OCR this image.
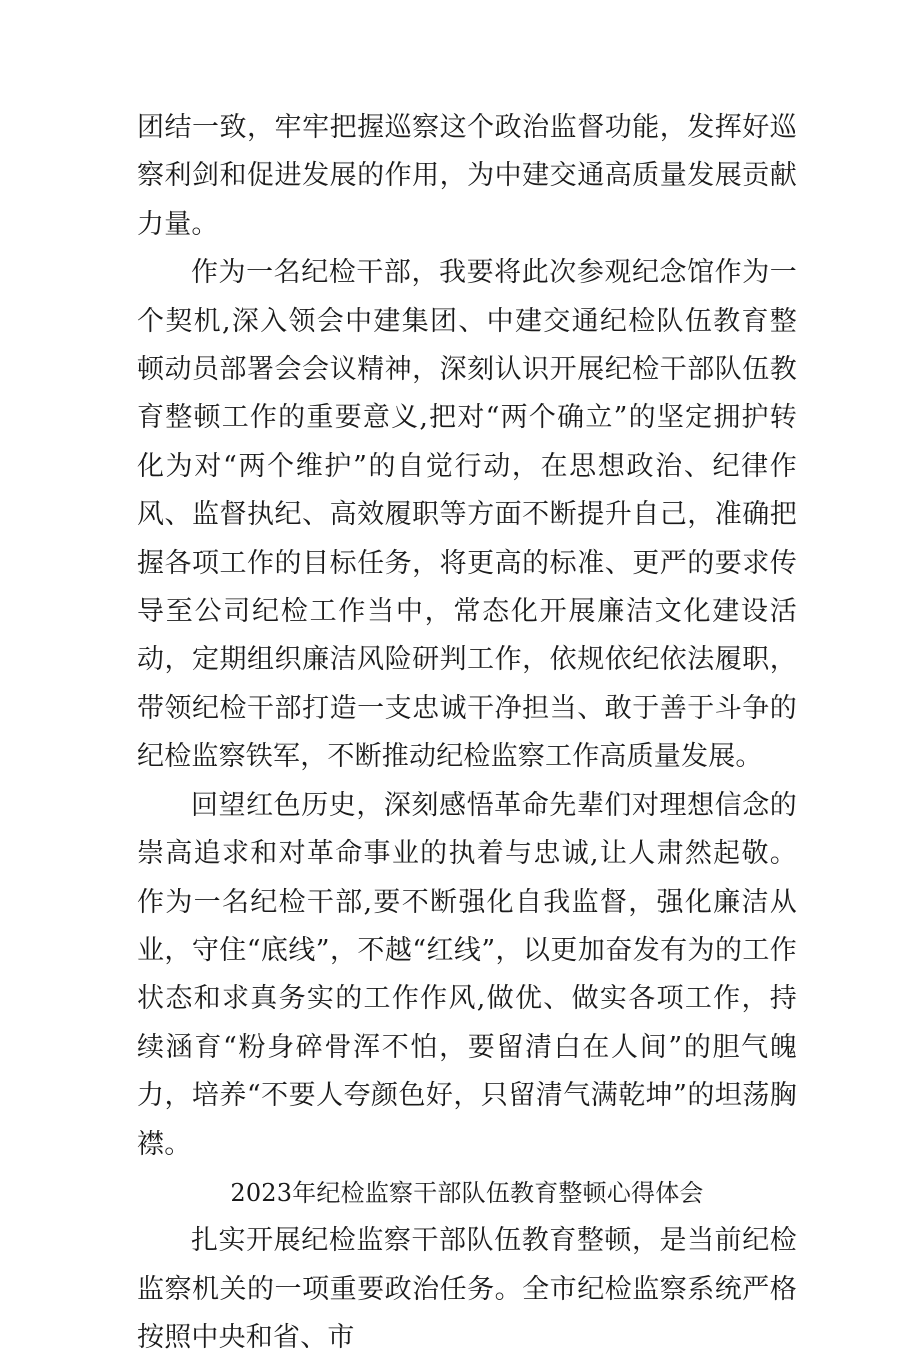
团结一致，牢牢把握巡察这个政治监督功能，发挥好巡察利剑和促进发展的作用，为中建交通高质量发展贡献力量。

作为一名纪检干部，我要将此次参观纪念馆作为一个契机,深入领会中建集团、中建交通纪检队伍教育整顿动员部署会会议精神，深刻认识开展纪检干部队伍教育整顿工作的重要意义,把对“两个确立”的坚定拥护转化为对“两个维护”的自觉行动，在思想政治、纪律作风、监督执纪、高效履职等方面不断提升自己，准确把握各项工作的目标任务，将更高的标准、更严的要求传导至公司纪检工作当中，常态化开展廉洁文化建设活动，定期组织廉洁风险研判工作，依规依纪依法履职，带领纪检干部打造一支忠诚干净担当、敢于善于斗争的纪检监察铁军，不断推动纪检监察工作高质量发展。

回望红色历史，深刻感悟革命先辈们对理想信念的崇高追求和对革命事业的执着与忠诚,让人肃然起敬。作为一名纪检干部,要不断强化自我监督，强化廉洁从业，守住“底线”，不越“红线”，以更加奋发有为的工作状态和求真务实的工作作风,做优、做实各项工作，持续涵育“粉身碎骨浑不怕，要留清白在人间”的胆气魄力，培养“不要人夸颜色好，只留清气满乾坤”的坦荡胸襟。

2023年纪检监察干部队伍教育整顿心得体会

扎实开展纪检监察干部队伍教育整顿，是当前纪检监察机关的一项重要政治任务。全市纪检监察系统严格按照中央和省、市
